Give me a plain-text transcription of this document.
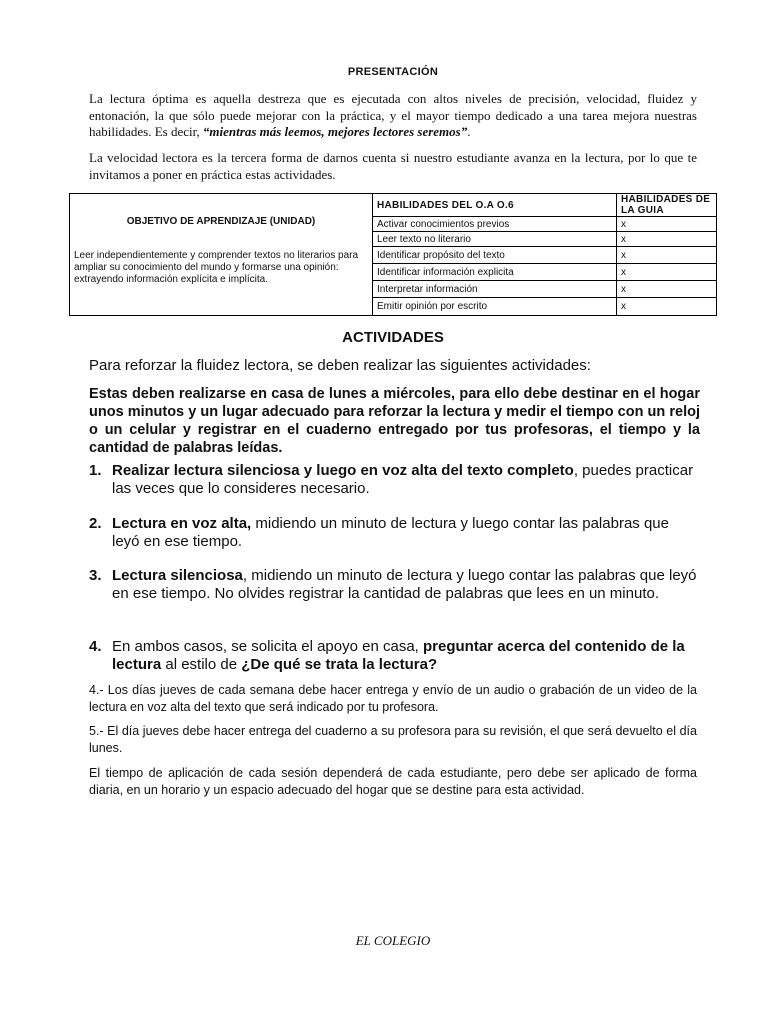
PRESENTACIÓN
La lectura óptima es aquella destreza que es ejecutada con altos niveles de precisión, velocidad, fluidez y entonación, la que sólo puede mejorar con la práctica, y el mayor tiempo dedicado a una tarea mejora nuestras habilidades. Es decir, “mientras más leemos, mejores lectores seremos”.
La velocidad lectora es la tercera forma de darnos cuenta si nuestro estudiante avanza en la lectura, por lo que te invitamos a poner en práctica estas actividades.
OBJETIVO DE APRENDIZAJE (UNIDAD)
Leer independientemente y comprender textos no literarios para ampliar su conocimiento del mundo y formarse una opinión: extrayendo información explícita e implícita.	HABILIDADES DEL O.A O.6	HABILIDADES DE LA GUIA
	Activar conocimientos previos	x
	Leer texto no literario	x
	Identificar propósito del texto	x
	Identificar información explicita	x
	Interpretar información	x
	Emitir opinión por escrito	x
ACTIVIDADES
Para reforzar la fluidez lectora, se deben realizar las siguientes actividades:
Estas deben realizarse en casa de lunes a miércoles, para ello debe destinar en el hogar unos minutos y un lugar adecuado para reforzar la lectura y medir el tiempo con un reloj o un celular y registrar en el cuaderno entregado por tus profesoras, el tiempo y la cantidad de palabras leídas.
1. Realizar lectura silenciosa y luego en voz alta del texto completo, puedes practicar las veces que lo consideres necesario.
2. Lectura en voz alta, midiendo un minuto de lectura y luego contar las palabras que leyó en ese tiempo.
3. Lectura silenciosa, midiendo un minuto de lectura y luego contar las palabras que leyó en ese tiempo. No olvides registrar la cantidad de palabras que lees en un minuto.
4. En ambos casos, se solicita el apoyo en casa, preguntar acerca del contenido de la lectura al estilo de ¿De qué se trata la lectura?
4.- Los días jueves de cada semana debe hacer entrega y envío de un audio o grabación de un video de la lectura en voz alta del texto que será indicado por tu profesora.
5.- El día jueves debe hacer entrega del cuaderno a su profesora para su revisión, el que será devuelto el día lunes.
El tiempo de aplicación de cada sesión dependerá de cada estudiante, pero debe ser aplicado de forma diaria, en un horario y un espacio adecuado del hogar que se destine para esta actividad.
EL COLEGIO
